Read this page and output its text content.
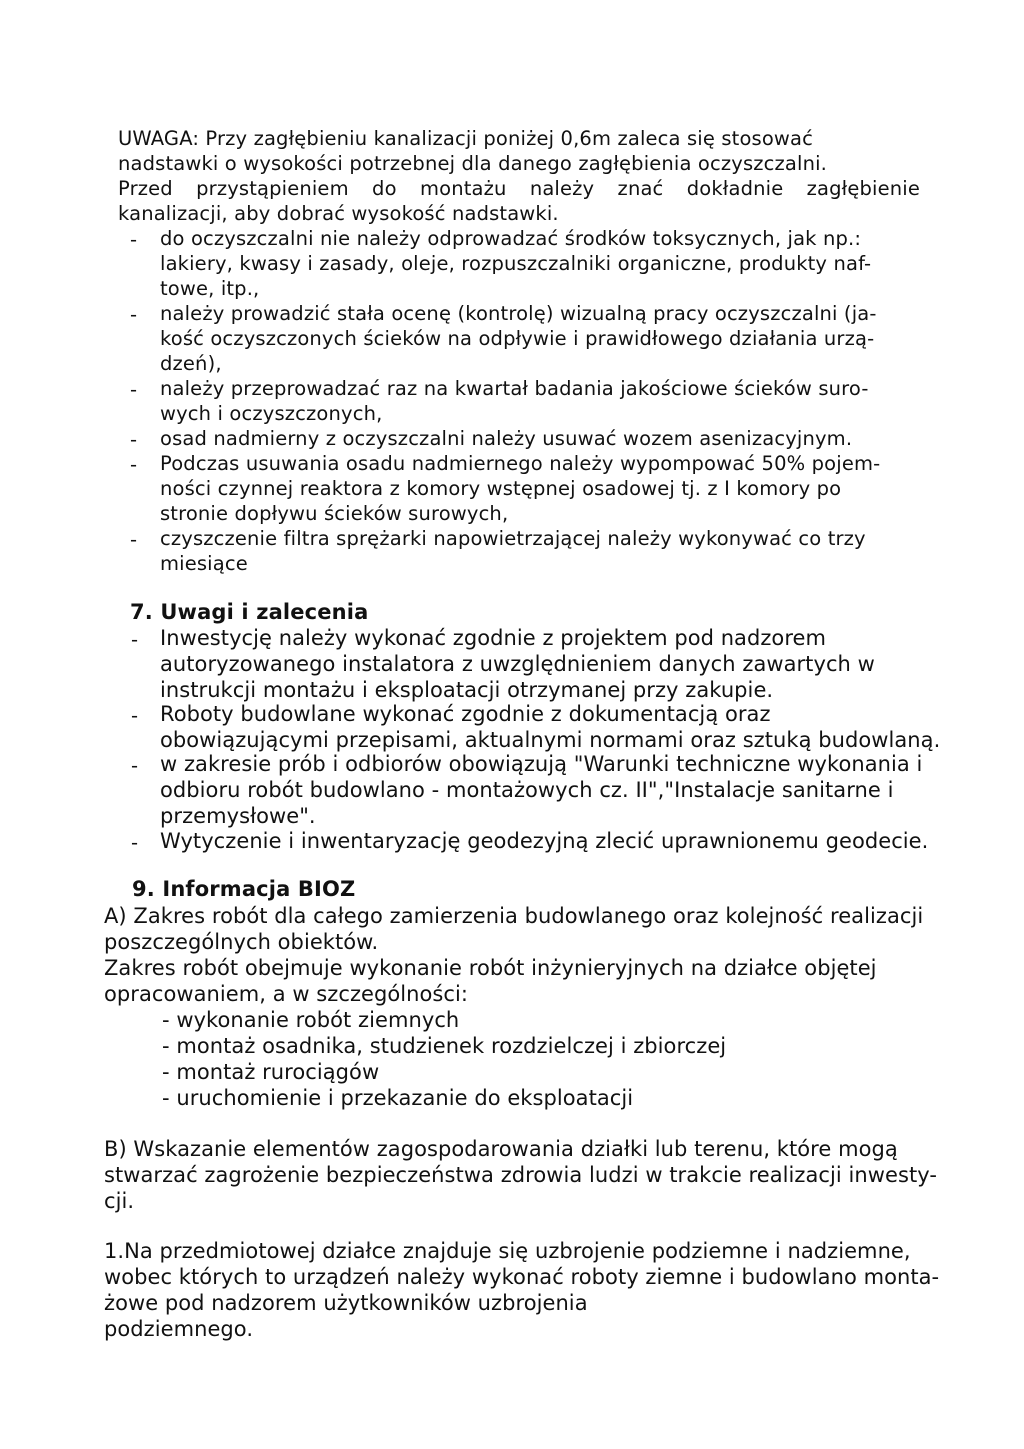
UWAGA: Przy zagłębieniu kanalizacji poniżej 0,6m zaleca się stosować

nadstawki o wysokości potrzebnej dla danego zagłębienia oczyszczalni.

Przed przystąpieniem do montażu należy znać dokładnie zagłębienie

kanalizacji, aby dobrać wysokość nadstawki.

- do oczyszczalni nie należy odprowadzać środków toksycznych, jak np.:

lakiery, kwasy i zasady, oleje, rozpuszczalniki organiczne, produkty naf-

towe, itp.,

- należy prowadzić stała ocenę (kontrolę) wizualną pracy oczyszczalni (ja-

kość oczyszczonych ścieków na odpływie i prawidłowego działania urzą-

dzeń),

- należy przeprowadzać raz na kwartał badania jakościowe ścieków suro-

wych i oczyszczonych,

- osad nadmierny z oczyszczalni należy usuwać wozem asenizacyjnym.

- Podczas usuwania osadu nadmiernego należy wypompować 50% pojem-

ności czynnej reaktora z komory wstępnej osadowej tj. z I komory po

stronie dopływu ścieków surowych,

- czyszczenie filtra sprężarki napowietrzającej należy wykonywać co trzy

miesiące

7. Uwagi i zalecenia

- Inwestycję należy wykonać zgodnie z projektem pod nadzorem

autoryzowanego instalatora z uwzględnieniem danych zawartych w

instrukcji montażu i eksploatacji otrzymanej przy zakupie.

- Roboty budowlane wykonać zgodnie z dokumentacją oraz

obowiązującymi przepisami, aktualnymi normami oraz sztuką budowlaną.

- w zakresie prób i odbiorów obowiązują "Warunki techniczne wykonania i

odbioru robót budowlano - montażowych cz. II","Instalacje sanitarne i

przemysłowe".

- Wytyczenie i inwentaryzację geodezyjną zlecić uprawnionemu geodecie.

9. Informacja BIOZ

A) Zakres robót dla całego zamierzenia budowlanego oraz kolejność realizacji

poszczególnych obiektów.

Zakres robót obejmuje wykonanie robót inżynieryjnych na działce objętej

opracowaniem, a w szczególności:

- wykonanie robót ziemnych

- montaż osadnika, studzienek rozdzielczej i zbiorczej

- montaż rurociągów

- uruchomienie i przekazanie do eksploatacji

B) Wskazanie elementów zagospodarowania działki lub terenu, które mogą

stwarzać zagrożenie bezpieczeństwa zdrowia ludzi w trakcie realizacji inwesty-

cji.

1.Na przedmiotowej działce znajduje się uzbrojenie podziemne i nadziemne,

wobec których to urządzeń należy wykonać roboty ziemne i budowlano monta-

żowe pod nadzorem użytkowników uzbrojenia

podziemnego.
